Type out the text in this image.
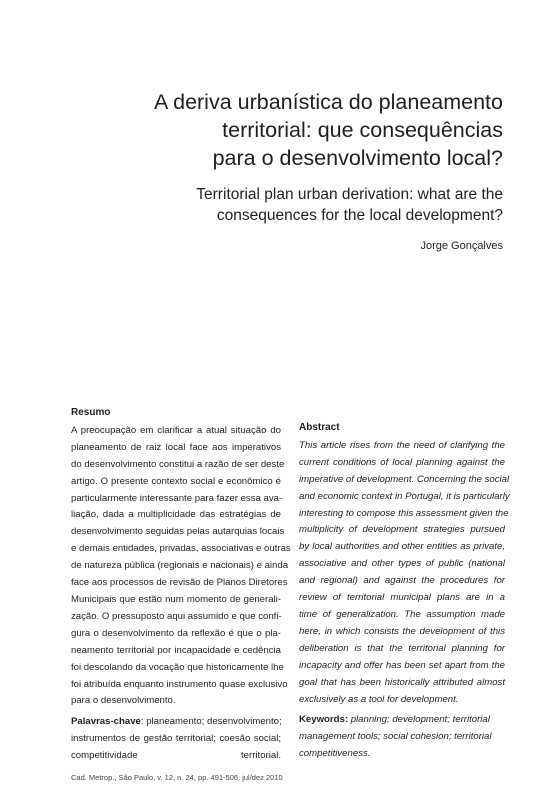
A deriva urbanística do planeamento
territorial: que consequências
para o desenvolvimento local?
Territorial plan urban derivation: what are the
consequences for the local development?

Jorge Gonçalves

Resumo
A preocupação em clarificar a atual situação do
planeamento de raiz local face aos imperativos
do desenvolvimento constitui a razão de ser deste
artigo. O presente contexto social e econômico é
particularmente interessante para fazer essa ava-
liação, dada a multiplicidade das estratégias de
desenvolvimento seguidas pelas autarquias locais
e demais entidades, privadas, associativas e outras
de natureza pública (regionais e nacionais) e ainda
face aos processos de revisão de Planos Diretores
Municipais que estão num momento de generali-
zação. O pressuposto aqui assumido e que confi-
gura o desenvolvimento da reflexão é que o pla-
neamento territorial por incapacidade e cedência
foi descolando da vocação que historicamente lhe
foi atribuída enquanto instrumento quase exclusivo
para o desenvolvimento.
Palavras-chave: planeamento; desenvolvimento;
instrumentos de gestão territorial; coesão social;
competitividade territorial.
Abstract
This article rises from the need of clarifying the
current conditions of local planning against the
imperative of development. Concerning the social
and economic context in Portugal, it is particularly
interesting to compose this assessment given the
multiplicity of development strategies pursued
by local authorities and other entities as private,
associative and other types of public (national
and regional) and against the procedures for
review of territorial municipal plans are in a
time of generalization. The assumption made
here, in which consists the development of this
deliberation is that the territorial planning for
incapacity and offer has been set apart from the
goal that has been historically attributed almost
exclusively as a tool for development.
Keywords: planning; development; territorial
management tools; social cohesion; territorial
competitiveness.
Cad. Metrop., São Paulo, v. 12, n. 24, pp. 491-506, jul/dez 2010
